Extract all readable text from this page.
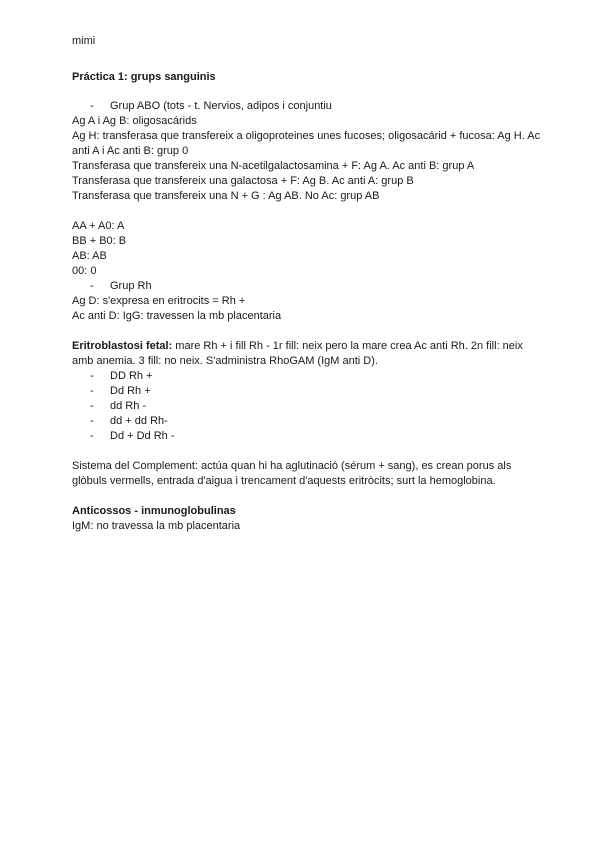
mimi
Práctica 1: grups sanguinis
- Grup ABO (tots - t. Nervios, adipos i conjuntiu
Ag A i Ag B: oligosacárids
Ag H: transferasa que transfereix a oligoproteines unes fucoses; oligosacárid + fucosa: Ag H. Ac anti A i Ac anti B: grup 0
Transferasa que transfereix una N-acetilgalactosamina + F: Ag A. Ac anti B: grup A
Transferasa que transfereix una galactosa + F: Ag B. Ac anti A: grup B
Transferasa que transfereix una N + G : Ag AB. No Ac: grup AB
AA + A0: A
BB + B0: B
AB: AB
00: 0
- Grup Rh
Ag D: s'expresa en eritrocits = Rh +
Ac anti D: IgG: travessen la mb placentaria
Eritroblastosi fetal: mare Rh + i fill Rh - 1r fill: neix pero la mare crea Ac anti Rh. 2n fill: neix amb anemia. 3 fill: no neix. S'administra RhoGAM (IgM anti D).
- DD Rh +
- Dd Rh +
- dd Rh -
- dd + dd Rh-
- Dd + Dd Rh -
Sistema del Complement: actúa quan hi ha aglutinació (sérum + sang), es crean porus als glòbuls vermells, entrada d'aigua i trencament d'aquests eritròcits; surt la hemoglobina.
Anticossos - inmunoglobulinas
IgM: no travessa la mb placentaria
